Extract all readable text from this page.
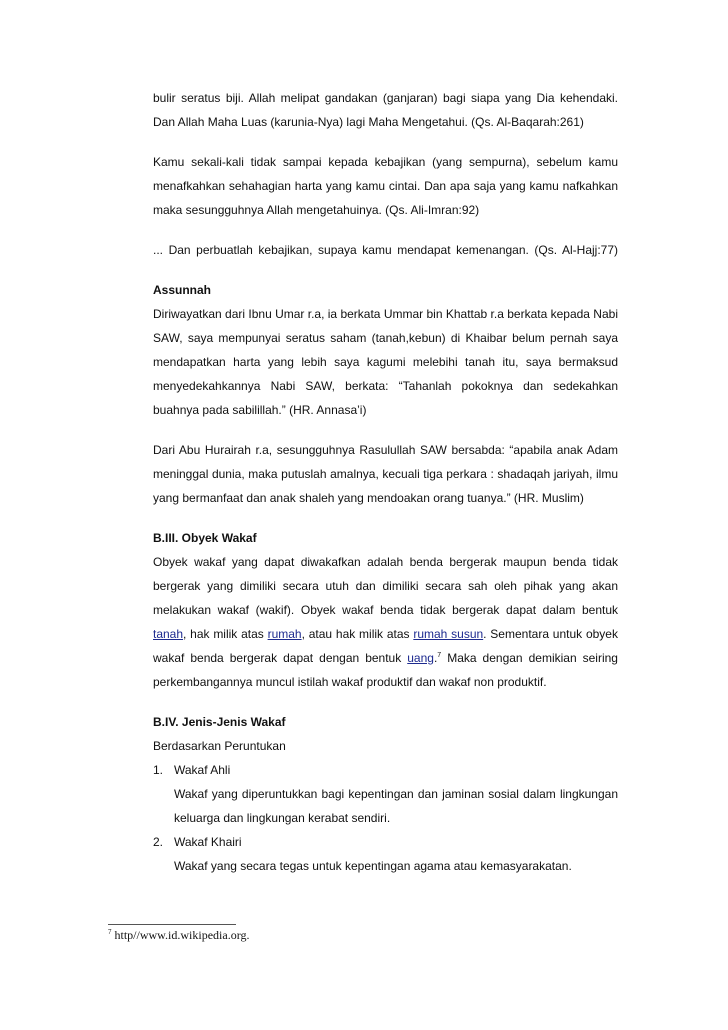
bulir seratus biji. Allah melipat gandakan (ganjaran) bagi siapa yang Dia kehendaki. Dan Allah Maha Luas (karunia-Nya) lagi Maha Mengetahui. (Qs. Al-Baqarah:261)

Kamu sekali-kali tidak sampai kepada kebajikan (yang sempurna), sebelum kamu menafkahkan sehahagian harta yang kamu cintai. Dan apa saja yang kamu nafkahkan maka sesungguhnya Allah mengetahuinya. (Qs. Ali-Imran:92)

... Dan perbuatlah kebajikan, supaya kamu mendapat kemenangan. (Qs. Al-Hajj:77)

Assunnah

Diriwayatkan dari Ibnu Umar r.a, ia berkata Ummar bin Khattab r.a berkata kepada Nabi SAW, saya mempunyai seratus saham (tanah,kebun) di Khaibar belum pernah saya mendapatkan harta yang lebih saya kagumi melebihi tanah itu, saya bermaksud menyedekahkannya Nabi SAW, berkata: “Tahanlah pokoknya dan sedekahkan buahnya pada sabilillah.” (HR. Annasa’i)

Dari Abu Hurairah r.a, sesungguhnya Rasulullah SAW bersabda: “apabila anak Adam meninggal dunia, maka putuslah amalnya, kecuali tiga perkara : shadaqah jariyah, ilmu yang bermanfaat dan anak shaleh yang mendoakan orang tuanya.” (HR. Muslim)

B.III. Obyek Wakaf

Obyek wakaf yang dapat diwakafkan adalah benda bergerak maupun benda tidak bergerak yang dimiliki secara utuh dan dimiliki secara sah oleh pihak yang akan melakukan wakaf (wakif). Obyek wakaf benda tidak bergerak dapat dalam bentuk tanah, hak milik atas rumah, atau hak milik atas rumah susun. Sementara untuk obyek wakaf benda bergerak dapat dengan bentuk uang.$^7$ Maka dengan demikian seiring perkembangannya muncul istilah wakaf produktif dan wakaf non produktif.

B.IV. Jenis-Jenis Wakaf

Berdasarkan Peruntukan

1. Wakaf Ahli

Wakaf yang diperuntukkan bagi kepentingan dan jaminan sosial dalam lingkungan keluarga dan lingkungan kerabat sendiri.

2. Wakaf Khairi

Wakaf yang secara tegas untuk kepentingan agama atau kemasyarakatan.

$^7$ http//www.id.wikipedia.org.
